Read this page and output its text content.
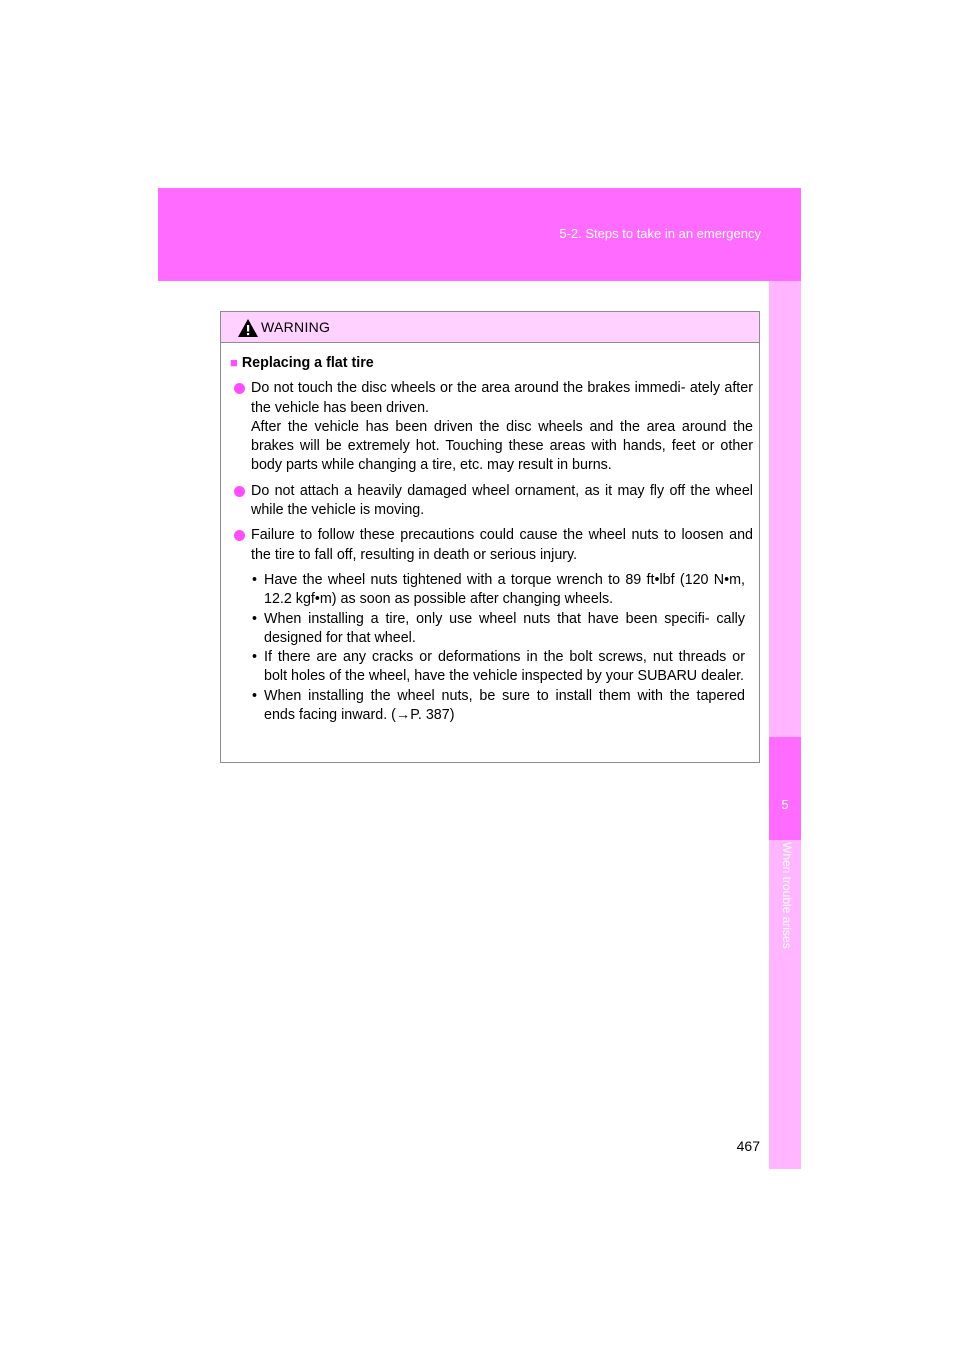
5-2. Steps to take in an emergency
5
When trouble arises
WARNING
■ Replacing a flat tire
Do not touch the disc wheels or the area around the brakes immedi- ately after the vehicle has been driven.
After the vehicle has been driven the disc wheels and the area around the brakes will be extremely hot. Touching these areas with hands, feet or other body parts while changing a tire, etc. may result in burns.
Do not attach a heavily damaged wheel ornament, as it may fly off the wheel while the vehicle is moving.
Failure to follow these precautions could cause the wheel nuts to loosen and the tire to fall off, resulting in death or serious injury.
• Have the wheel nuts tightened with a torque wrench to 89 ft•lbf (120 N•m, 12.2 kgf•m) as soon as possible after changing wheels.
• When installing a tire, only use wheel nuts that have been specifi- cally designed for that wheel.
• If there are any cracks or deformations in the bolt screws, nut threads or bolt holes of the wheel, have the vehicle inspected by your SUBARU dealer.
• When installing the wheel nuts, be sure to install them with the tapered ends facing inward. (→P. 387)
467
